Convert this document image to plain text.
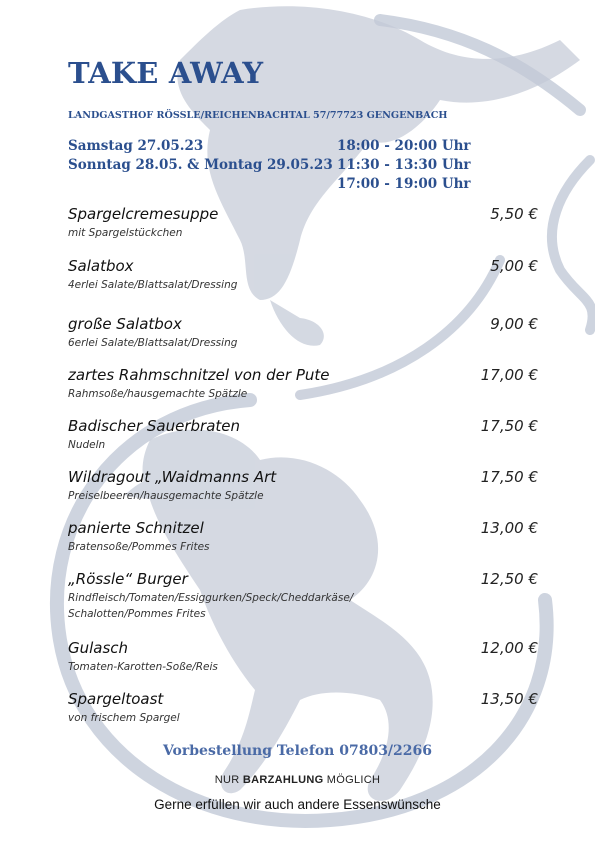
TAKE AWAY
LANDGASTHOF RÖSSLE/REICHENBACHTAL 57/77723 GENGENBACH
Samstag 27.05.23	18:00 - 20:00 Uhr
Sonntag 28.05. & Montag 29.05.23 11:30 - 13:30 Uhr
17:00 - 19:00 Uhr
Spargelcremesuppe
mit Spargelstückchen
5,50 €
Salatbox
4erlei Salate/Blattsalat/Dressing
5,00 €
große Salatbox
6erlei Salate/Blattsalat/Dressing
9,00 €
zartes Rahmschnitzel von der Pute
Rahmsoße/hausgemachte Spätzle
17,00 €
Badischer Sauerbraten
Nudeln
17,50 €
Wildragout „Waidmanns Art
Preiselbeeren/hausgemachte Spätzle
17,50 €
panierte Schnitzel
Bratensoße/Pommes Frites
13,00 €
„Rössle“ Burger
Rindfleisch/Tomaten/Essiggurken/Speck/Cheddarkäse/
Schalotten/Pommes Frites
12,50 €
Gulasch
Tomaten-Karotten-Soße/Reis
12,00 €
Spargeltoast
von frischem Spargel
13,50 €
Vorbestellung Telefon 07803/2266
NUR BARZAHLUNG MÖGLICH
Gerne erfüllen wir auch andere Essenswünsche
